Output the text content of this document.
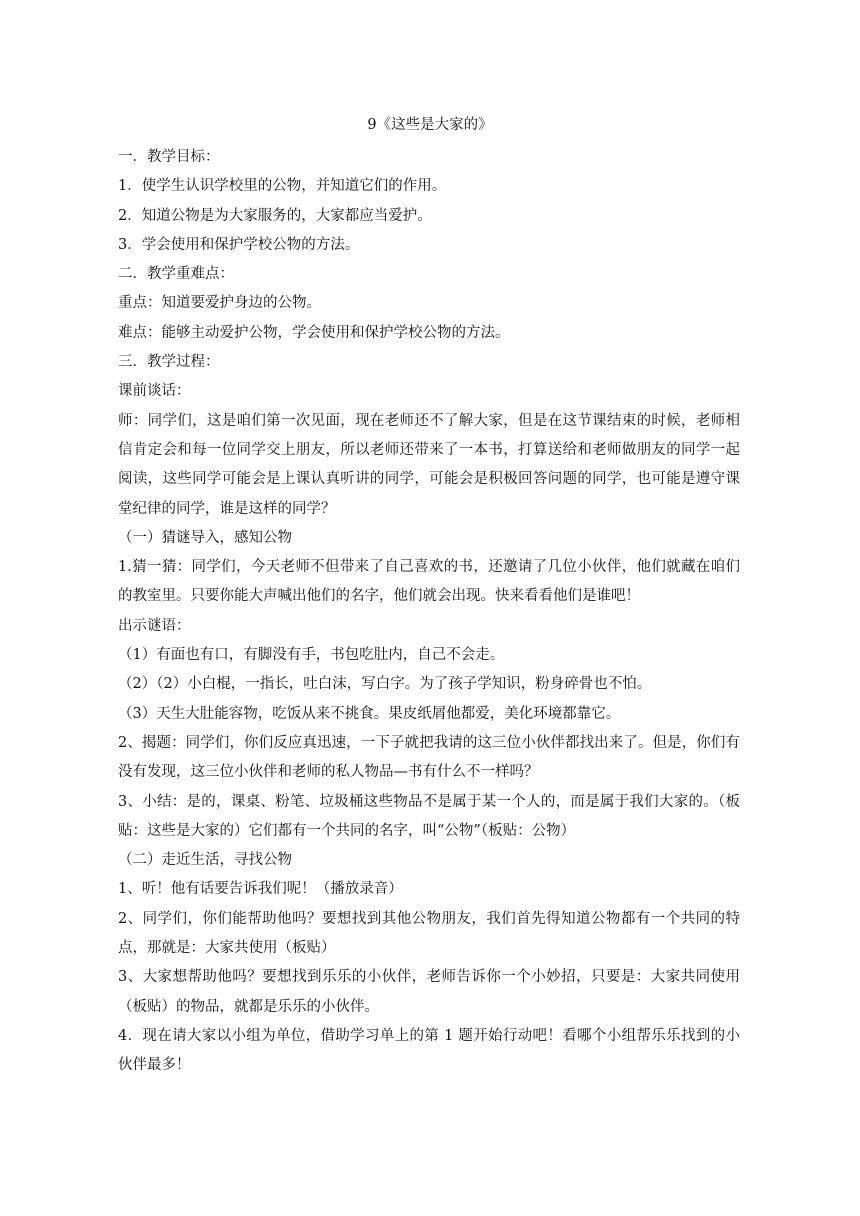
9《这些是大家的》

一．教学目标：

1．使学生认识学校里的公物，并知道它们的作用。

2．知道公物是为大家服务的，大家都应当爱护。

3．学会使用和保护学校公物的方法。

二．教学重难点：

重点：知道要爱护身边的公物。

难点：能够主动爱护公物，学会使用和保护学校公物的方法。

三．教学过程：

课前谈话：

师：同学们，这是咱们第一次见面，现在老师还不了解大家，但是在这节课结束的时候，老师相信肯定会和每一位同学交上朋友，所以老师还带来了一本书，打算送给和老师做朋友的同学一起阅读，这些同学可能会是上课认真听讲的同学，可能会是积极回答问题的同学，也可能是遵守课堂纪律的同学，谁是这样的同学？

（一）猜谜导入，感知公物

1.猜一猜：同学们，今天老师不但带来了自己喜欢的书，还邀请了几位小伙伴，他们就藏在咱们的教室里。只要你能大声喊出他们的名字，他们就会出现。快来看看他们是谁吧！

出示谜语：

（1）有面也有口，有脚没有手，书包吃肚内，自己不会走。

（2）（2）小白棍，一指长，吐白沫，写白字。为了孩子学知识，粉身碎骨也不怕。

（3）天生大肚能容物，吃饭从来不挑食。果皮纸屑他都爱，美化环境都靠它。

2、揭题：同学们，你们反应真迅速，一下子就把我请的这三位小伙伴都找出来了。但是，你们有没有发现，这三位小伙伴和老师的私人物品—书有什么不一样吗？

3、小结：是的，课桌、粉笔、垃圾桶这些物品不是属于某一个人的，而是属于我们大家的。（板贴：这些是大家的）它们都有一个共同的名字，叫“公物”（板贴：公物）

（二）走近生活，寻找公物

1、听！他有话要告诉我们呢！（播放录音）

2、同学们，你们能帮助他吗？要想找到其他公物朋友，我们首先得知道公物都有一个共同的特点，那就是：大家共使用（板贴）

3、大家想帮助他吗？要想找到乐乐的小伙伴，老师告诉你一个小妙招，只要是：大家共同使用（板贴）的物品，就都是乐乐的小伙伴。

4．现在请大家以小组为单位，借助学习单上的第 1 题开始行动吧！看哪个小组帮乐乐找到的小伙伴最多！
